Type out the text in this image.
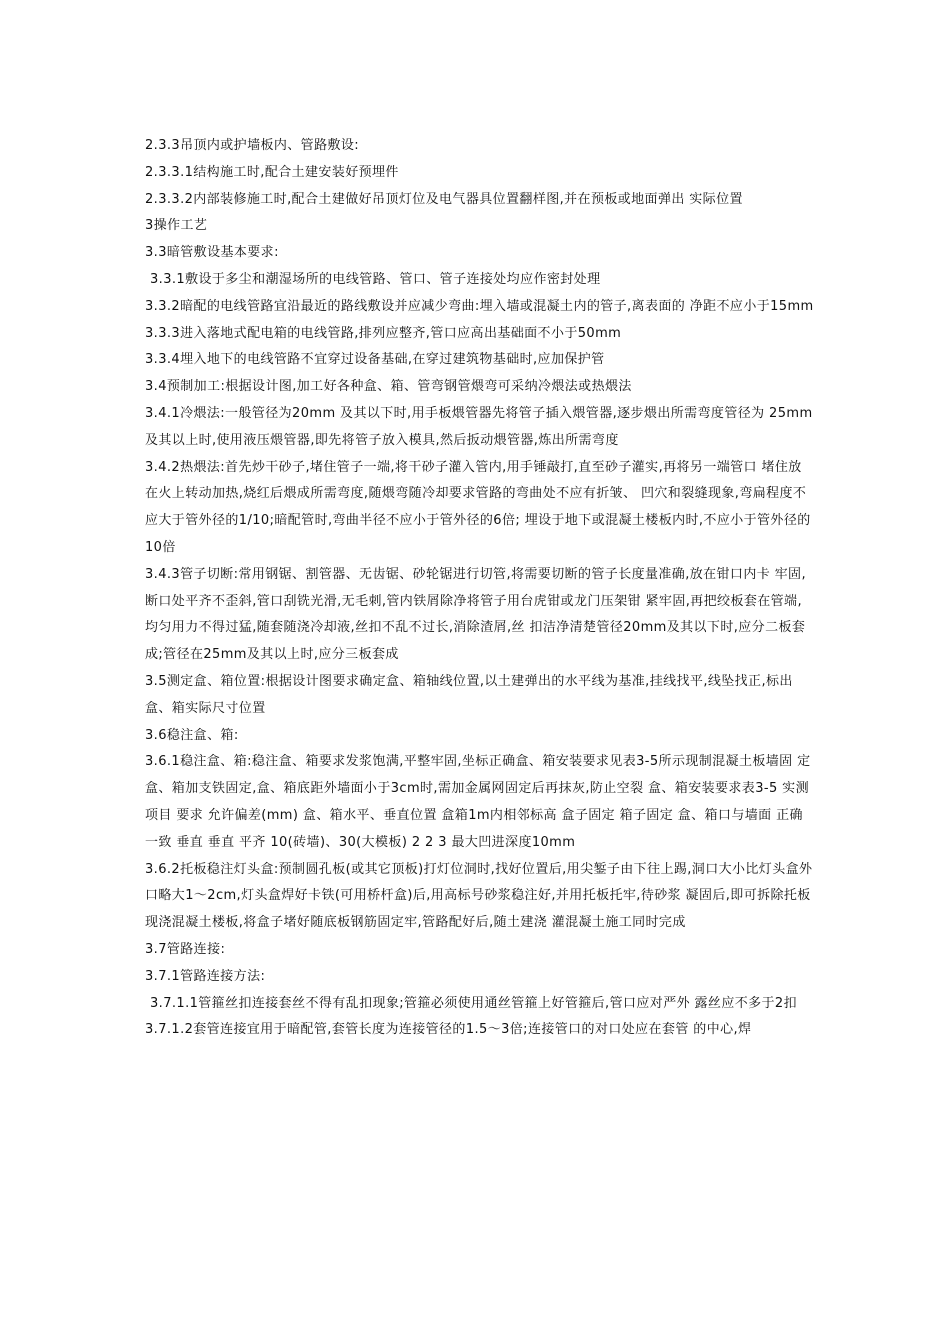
2.3.3吊顶内或护墙板内、管路敷设:

2.3.3.1结构施工时,配合土建安装好预埋件

2.3.3.2内部装修施工时,配合土建做好吊顶灯位及电气器具位置翻样图,并在预板或地面弹出 实际位置

3操作工艺

3.3暗管敷设基本要求:

3.3.1敷设于多尘和潮湿场所的电线管路、管口、管子连接处均应作密封处理

3.3.2暗配的电线管路宜沿最近的路线敷设并应减少弯曲:埋入墙或混凝土内的管子,离表面的 净距不应小于15mm

3.3.3进入落地式配电箱的电线管路,排列应整齐,管口应高出基础面不小于50mm

3.3.4埋入地下的电线管路不宜穿过设备基础,在穿过建筑物基础时,应加保护管

3.4预制加工:根据设计图,加工好各种盒、箱、管弯钢管煨弯可采纳冷煨法或热煨法

3.4.1冷煨法:一般管径为20mm 及其以下时,用手板煨管器先将管子插入煨管器,逐步煨出所需弯度管径为 25mm及其以上时,使用液压煨管器,即先将管子放入模具,然后扳动煨管器,炼出所需弯度

3.4.2热煨法:首先炒干砂子,堵住管子一端,将干砂子灌入管内,用手锤敲打,直至砂子灌实,再将另一端管口 堵住放在火上转动加热,烧红后煨成所需弯度,随煨弯随冷却要求管路的弯曲处不应有折皱、 凹穴和裂缝现象,弯扁程度不应大于管外径的1/10;暗配管时,弯曲半径不应小于管外径的6倍; 埋设于地下或混凝土楼板内时,不应小于管外径的10倍

3.4.3管子切断:常用钢锯、割管器、无齿锯、砂轮锯进行切管,将需要切断的管子长度量准确,放在钳口内卡 牢固,断口处平齐不歪斜,管口刮铣光滑,无毛刺,管内铁屑除净将管子用台虎钳或龙门压架钳 紧牢固,再把绞板套在管端,均匀用力不得过猛,随套随浇冷却液,丝扣不乱不过长,消除渣屑,丝 扣洁净清楚管径20mm及其以下时,应分二板套成;管径在25mm及其以上时,应分三板套成

3.5测定盒、箱位置:根据设计图要求确定盒、箱轴线位置,以土建弹出的水平线为基准,挂线找平,线坠找正,标出 盒、箱实际尺寸位置

3.6稳注盒、箱:

3.6.1稳注盒、箱:稳注盒、箱要求发浆饱满,平整牢固,坐标正确盒、箱安装要求见表3-5所示现制混凝土板墙固 定盒、箱加支铁固定,盒、箱底距外墙面小于3cm时,需加金属网固定后再抹灰,防止空裂 盒、箱安装要求表3-5 实测项目 要求 允许偏差(mm) 盒、箱水平、垂直位置 盒箱1m内相邻标高 盒子固定 箱子固定 盒、箱口与墙面 正确 一致 垂直 垂直 平齐 10(砖墙)、30(大模板) 2 2 3 最大凹进深度10mm

3.6.2托板稳注灯头盒:预制圆孔板(或其它顶板)打灯位洞时,找好位置后,用尖錾子由下往上踢,洞口大小比灯头盒外 口略大1～2cm,灯头盒焊好卡铁(可用桥杆盒)后,用高标号砂浆稳注好,并用托板托牢,待砂浆 凝固后,即可拆除托板现浇混凝土楼板,将盒子堵好随底板钢筋固定牢,管路配好后,随土建浇 灌混凝土施工同时完成

3.7管路连接:

3.7.1管路连接方法:

3.7.1.1管箍丝扣连接套丝不得有乱扣现象;管箍必须使用通丝管箍上好管箍后,管口应对严外 露丝应不多于2扣

3.7.1.2套管连接宜用于暗配管,套管长度为连接管径的1.5～3倍;连接管口的对口处应在套管 的中心,焊
